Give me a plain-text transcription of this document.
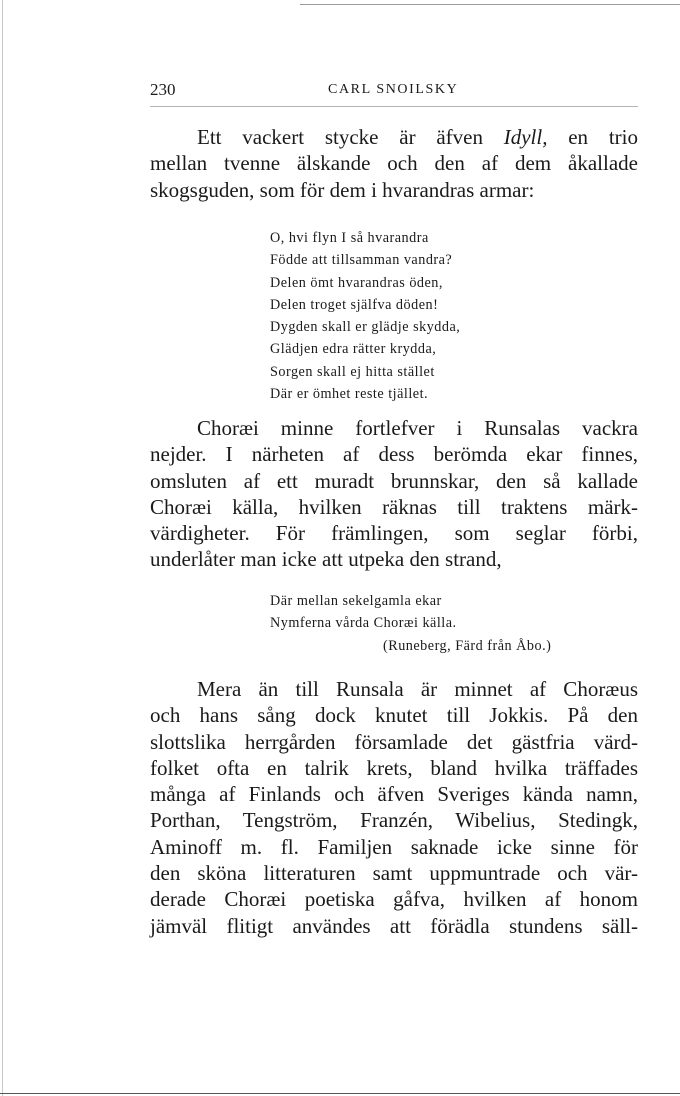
230	CARL SNOILSKY
Ett vackert stycke är äfven Idyll, en trio
mellan tvenne älskande och den af dem åkallade
skogsguden, som för dem i hvarandras armar:
O, hvi flyn I så hvarandra
Födde att tillsamman vandra?
Delen ömt hvarandras öden,
Delen troget själfva döden!
Dygden skall er glädje skydda,
Glädjen edra rätter krydda,
Sorgen skall ej hitta stället
Där er ömhet reste tjället.
Choræi minne fortlefver i Runsalas vackra
nejder. I närheten af dess berömda ekar finnes,
omsluten af ett muradt brunnskar, den så kallade
Choræi källa, hvilken räknas till traktens märk-
värdigheter. För främlingen, som seglar förbi,
underlåter man icke att utpeka den strand,
Där mellan sekelgamla ekar
Nymferna vårda Choræi källa.
(Runeberg, Färd från Åbo.)
Mera än till Runsala är minnet af Choræus
och hans sång dock knutet till Jokkis. På den
slottslika herrgården församlade det gästfria värd-
folket ofta en talrik krets, bland hvilka träffades
många af Finlands och äfven Sveriges kända namn,
Porthan, Tengström, Franzén, Wibelius, Stedingk,
Aminoff m. fl. Familjen saknade icke sinne för
den sköna litteraturen samt uppmuntrade och vär-
derade Choræi poetiska gåfva, hvilken af honom
jämväl flitigt användes att förädla stundens säll-
